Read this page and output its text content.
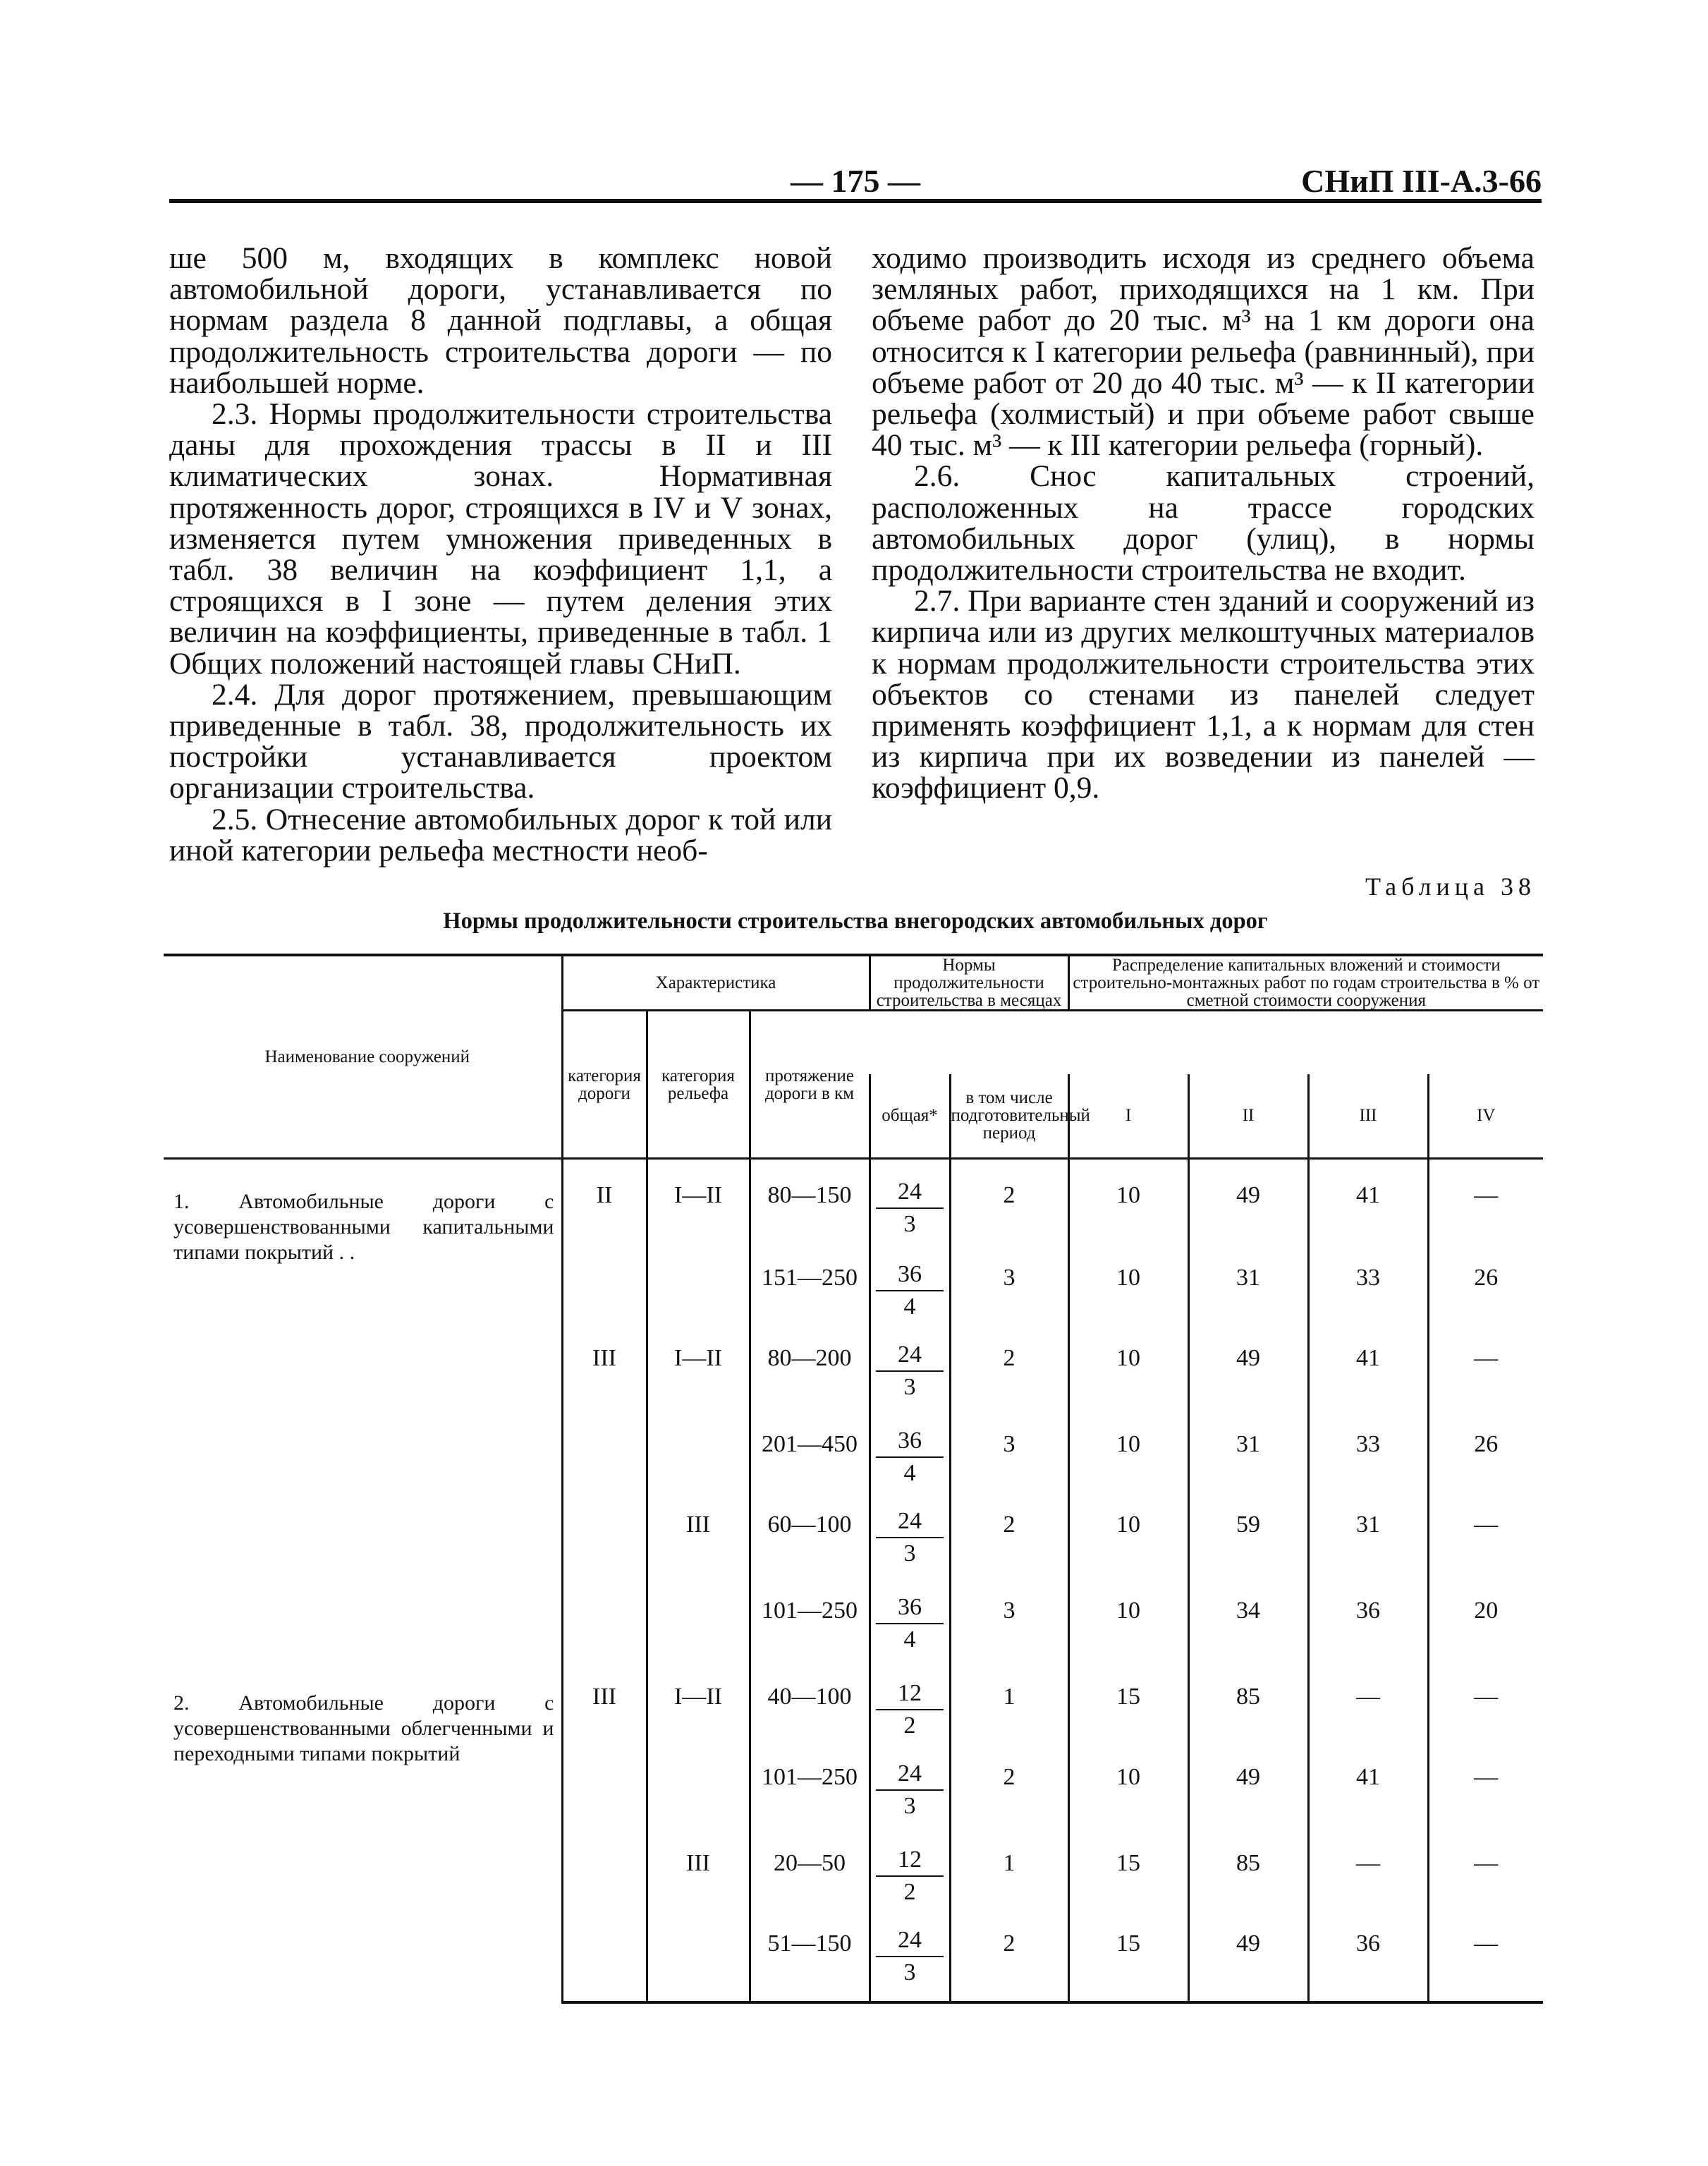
— 175 —	СНиП III-А.3-66

ше 500 м, входящих в комплекс новой автомобильной дороги, устанавливается по нормам раздела 8 данной подглавы, а общая продолжительность строительства дороги — по наибольшей норме.

2.3. Нормы продолжительности строительства даны для прохождения трассы в II и III климатических зонах. Нормативная протяженность дорог, строящихся в IV и V зонах, изменяется путем умножения приведенных в табл. 38 величин на коэффициент 1,1, а строящихся в I зоне — путем деления этих величин на коэффициенты, приведенные в табл. 1 Общих положений настоящей главы СНиП.

2.4. Для дорог протяжением, превышающим приведенные в табл. 38, продолжительность их постройки устанавливается проектом организации строительства.

2.5. Отнесение автомобильных дорог к той или иной категории рельефа местности необ-

ходимо производить исходя из среднего объема земляных работ, приходящихся на 1 км. При объеме работ до 20 тыс. м³ на 1 км дороги она относится к I категории рельефа (равнинный), при объеме работ от 20 до 40 тыс. м³ — к II категории рельефа (холмистый) и при объеме работ свыше 40 тыс. м³ — к III категории рельефа (горный).

2.6. Снос капитальных строений, расположенных на трассе городских автомобильных дорог (улиц), в нормы продолжительности строительства не входит.

2.7. При варианте стен зданий и сооружений из кирпича или из других мелкоштучных материалов к нормам продолжительности строительства этих объектов со стенами из панелей следует применять коэффициент 1,1, а к нормам для стен из кирпича при их возведении из панелей — коэффициент 0,9.

Таблица 38
Нормы продолжительности строительства внегородских автомобильных дорог
Наименование сооружений	Характеристика			Нормы продолжительности строительства в месяцах		Распределение капитальных вложений и стоимости строительно-монтажных работ по годам строительства в % от сметной стоимости сооружения			
	категория дороги	категория рельефа	протяжение дороги в км						
				общая*	в том числе подготовительный период	I	II	III	IV

1. Автомобильные дороги с усовершенствованными капитальными типами покрытий . .	II	I—II	80—150	$\frac{24}{3}$	2	10	49	41	—
			151—250	$\frac{36}{4}$	3	10	31	33	26
	III	I—II	80—200	$\frac{24}{3}$	2	10	49	41	—
			201—450	$\frac{36}{4}$	3	10	31	33	26
		III	60—100	$\frac{24}{3}$	2	10	59	31	—
			101—250	$\frac{36}{4}$	3	10	34	36	20

2. Автомобильные дороги с усовершенствованными облегченными и переходными типами покрытий	III	I—II	40—100	$\frac{12}{2}$	1	15	85	—	—
			101—250	$\frac{24}{3}$	2	10	49	41	—
		III	20—50	$\frac{12}{2}$	1	15	85	—	—
			51—150	$\frac{24}{3}$	2	15	49	36	—
